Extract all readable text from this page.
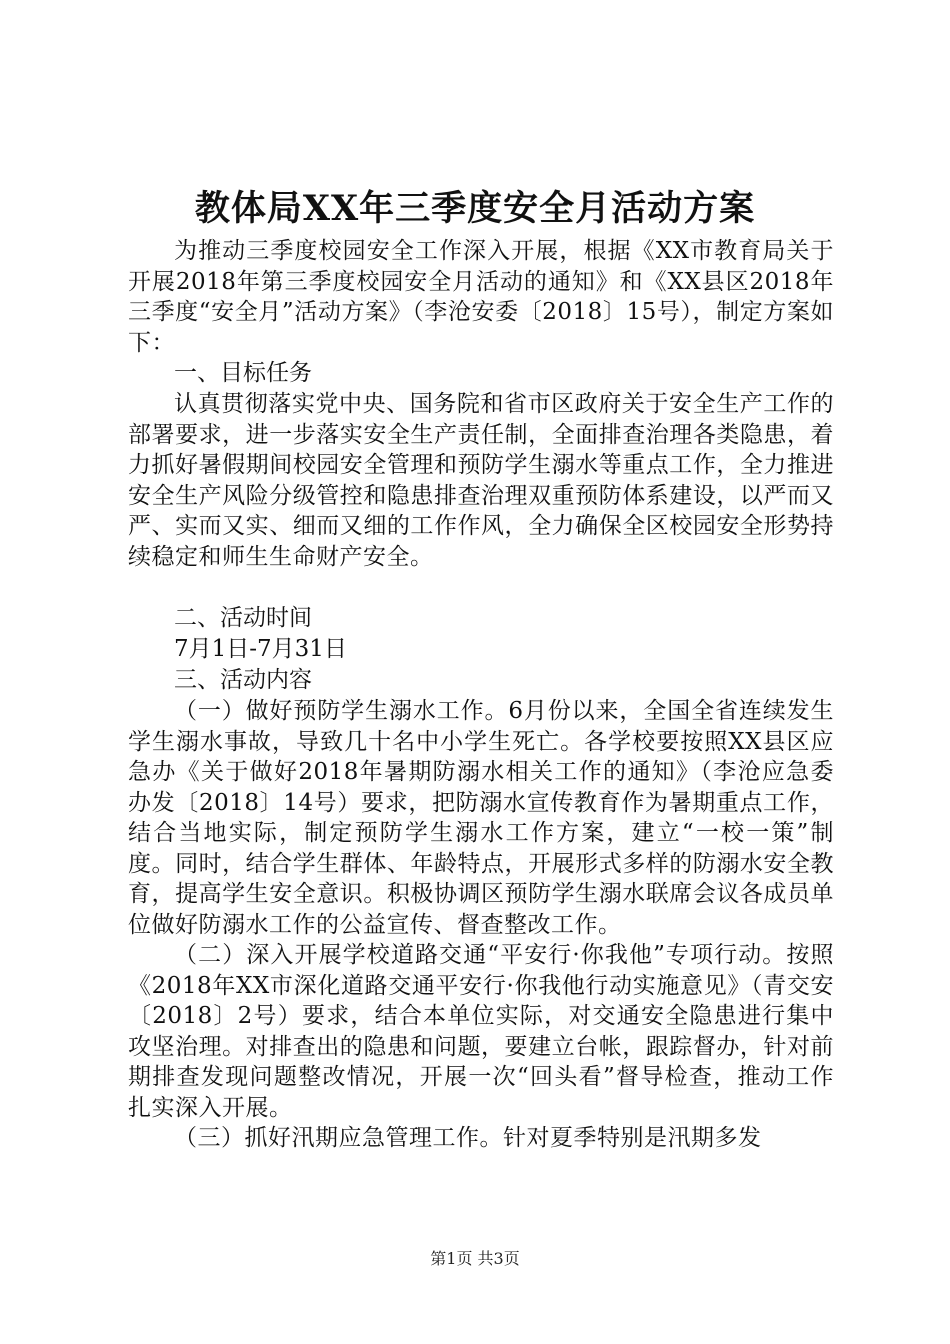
教体局XX年三季度安全月活动方案

为推动三季度校园安全工作深入开展，根据《XX市教育局关于开展2018年第三季度校园安全月活动的通知》和《XX县区2018年三季度“安全月”活动方案》（李沧安委〔2018〕15号），制定方案如下：

一、目标任务

认真贯彻落实党中央、国务院和省市区政府关于安全生产工作的部署要求，进一步落实安全生产责任制，全面排查治理各类隐患，着力抓好暑假期间校园安全管理和预防学生溺水等重点工作，全力推进安全生产风险分级管控和隐患排查治理双重预防体系建设，以严而又严、实而又实、细而又细的工作作风，全力确保全区校园安全形势持续稳定和师生生命财产安全。

二、活动时间

7月1日-7月31日

三、活动内容

（一）做好预防学生溺水工作。6月份以来，全国全省连续发生学生溺水事故，导致几十名中小学生死亡。各学校要按照XX县区应急办《关于做好2018年暑期防溺水相关工作的通知》（李沧应急委办发〔2018〕14号）要求，把防溺水宣传教育作为暑期重点工作，结合当地实际，制定预防学生溺水工作方案，建立“一校一策”制度。同时，结合学生群体、年龄特点，开展形式多样的防溺水安全教育，提高学生安全意识。积极协调区预防学生溺水联席会议各成员单位做好防溺水工作的公益宣传、督查整改工作。

（二）深入开展学校道路交通“平安行·你我他”专项行动。按照《2018年XX市深化道路交通平安行·你我他行动实施意见》（青交安〔2018〕2号）要求，结合本单位实际，对交通安全隐患进行集中攻坚治理。对排查出的隐患和问题，要建立台帐，跟踪督办，针对前期排查发现问题整改情况，开展一次“回头看”督导检查，推动工作扎实深入开展。

（三）抓好汛期应急管理工作。针对夏季特别是汛期多发

第1页 共3页
